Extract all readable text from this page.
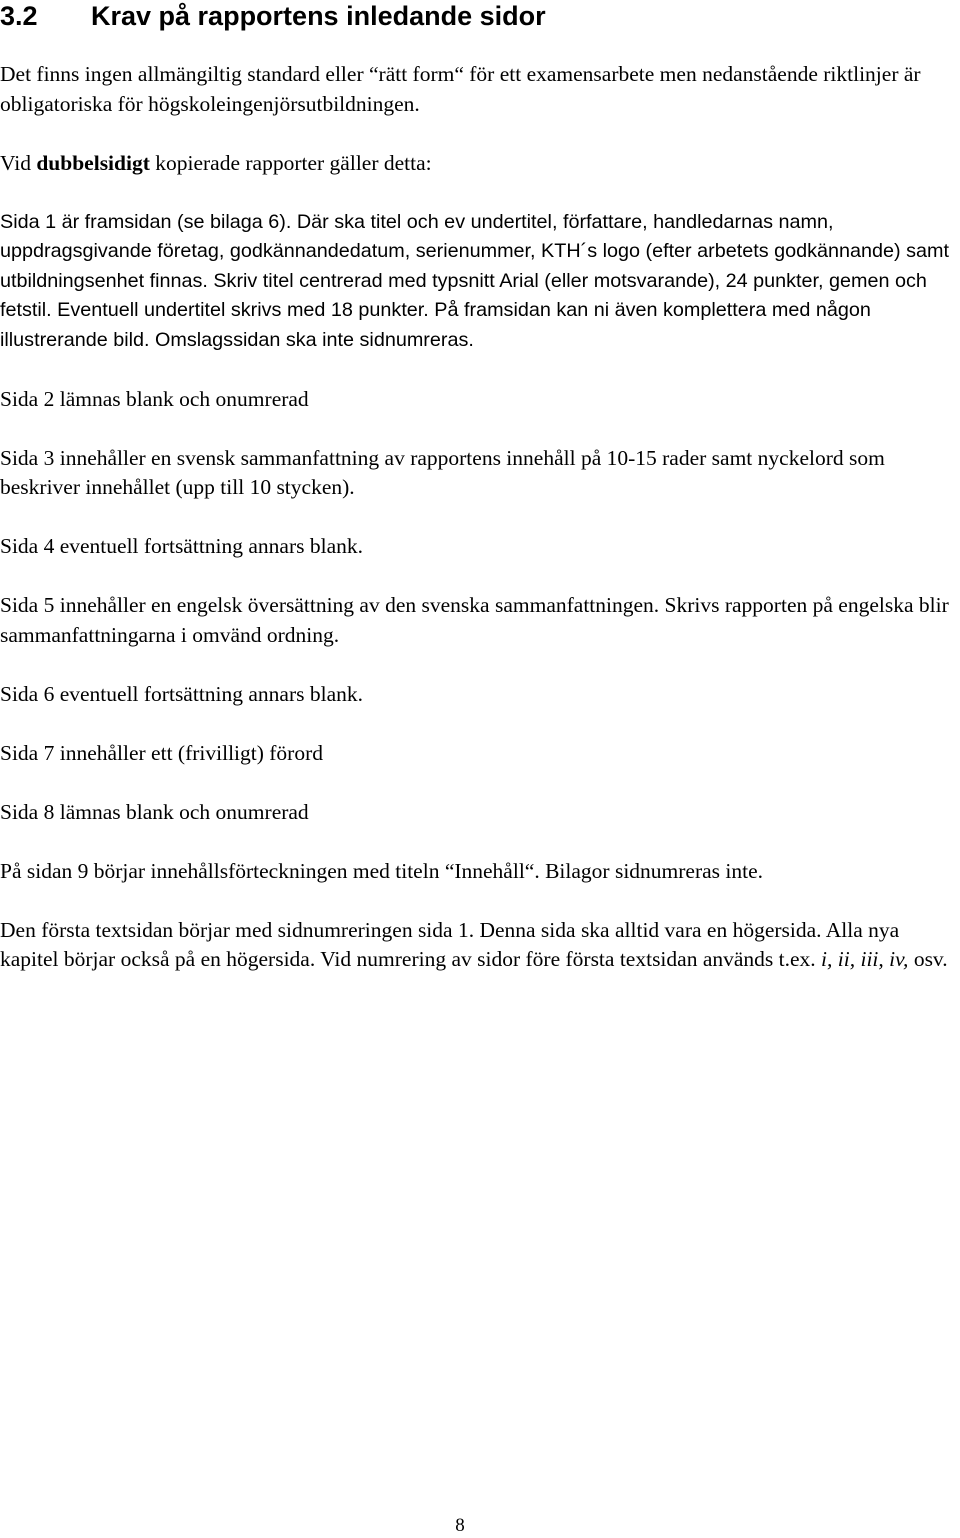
3.2 Krav på rapportens inledande sidor

Det finns ingen allmängiltig standard eller “rätt form“ för ett examensarbete men nedanstående riktlinjer är obligatoriska för högskoleingenjörsutbildningen.

Vid dubbelsidigt kopierade rapporter gäller detta:

Sida 1 är framsidan (se bilaga 6). Där ska titel och ev undertitel, författare, handledarnas namn, uppdragsgivande företag, godkännandedatum, serienummer, KTH´s logo (efter arbetets godkännande) samt utbildningsenhet finnas. Skriv titel centrerad med typsnitt Arial (eller motsvarande), 24 punkter, gemen och fetstil. Eventuell undertitel skrivs med 18 punkter. På framsidan kan ni även komplettera med någon illustrerande bild. Omslagssidan ska inte sidnumreras.

Sida 2 lämnas blank och onumrerad

Sida 3 innehåller en svensk sammanfattning av rapportens innehåll på 10-15 rader samt nyckelord som beskriver innehållet (upp till 10 stycken).

Sida 4 eventuell fortsättning annars blank.

Sida 5 innehåller en engelsk översättning av den svenska sammanfattningen. Skrivs rapporten på engelska blir sammanfattningarna i omvänd ordning.

Sida 6 eventuell fortsättning annars blank.

Sida 7 innehåller ett (frivilligt) förord

Sida 8 lämnas blank och onumrerad

På sidan 9 börjar innehållsförteckningen med titeln “Innehåll“. Bilagor sidnumreras inte.

Den första textsidan börjar med sidnumreringen sida 1. Denna sida ska alltid vara en högersida. Alla nya kapitel börjar också på en högersida. Vid numrering av sidor före första textsidan används t.ex. i, ii, iii, iv, osv.

8
